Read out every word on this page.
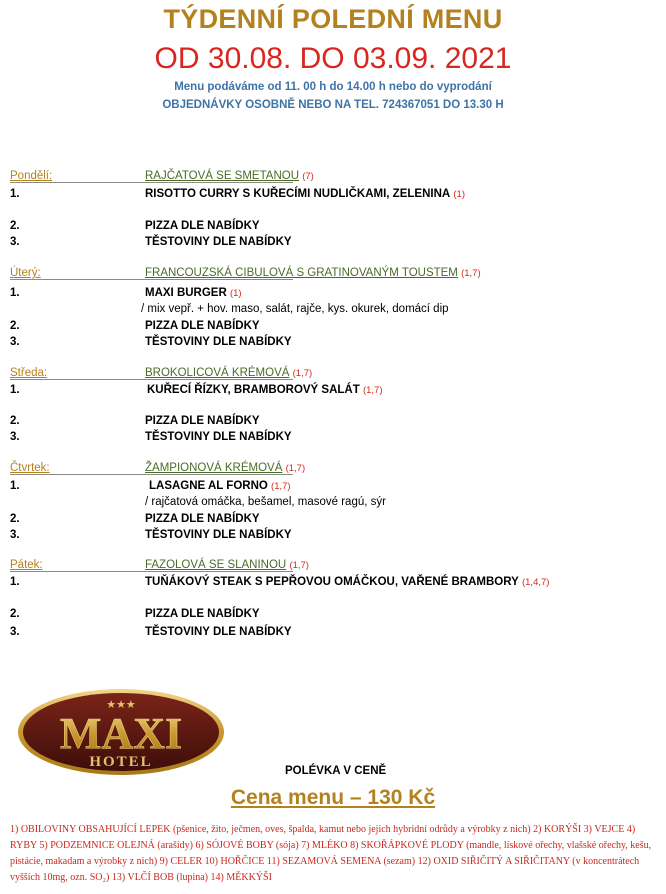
TÝDENNÍ POLEDNÍ MENU
OD 30.08. DO 03.09. 2021
Menu podáváme od 11. 00 h do 14.00 h nebo do vyprodání
OBJEDNÁVKY OSOBNĚ NEBO NA TEL. 724367051 DO 13.30 H
Pondělí:	RAJČATOVÁ SE SMETANOU (7)
1.	RISOTTO CURRY S KUŘECÍMI NUDLIČKAMI, ZELENINA (1)
2.	PIZZA DLE NABÍDKY
3.	TĚSTOVINY DLE NABÍDKY
Úterý:	FRANCOUZSKÁ CIBULOVÁ S GRATINOVANÝM TOUSTEM (1,7)
1.	MAXI BURGER (1)
/ mix vepř. + hov. maso, salát, rajče, kys. okurek, domácí dip
2.	PIZZA DLE NABÍDKY
3.	TĚSTOVINY DLE NABÍDKY
Středa:	BROKOLICOVÁ KRÉMOVÁ (1,7)
1.	KUŘECÍ ŘÍZKY, BRAMBOROVÝ SALÁT (1,7)
2.	PIZZA DLE NABÍDKY
3.	TĚSTOVINY DLE NABÍDKY
Čtvrtek:	ŽAMPIONOVÁ KRÉMOVÁ (1,7)
1.	LASAGNE AL FORNO (1,7)
/ rajčatová omáčka, bešamel, masové ragú, sýr
2.	PIZZA DLE NABÍDKY
3.	TĚSTOVINY DLE NABÍDKY
Pátek:	FAZOLOVÁ SE SLANINOU (1,7)
1.	TUŇÁKOVÝ STEAK S PEPŘOVOU OMÁČKOU, VAŘENÉ BRAMBORY (1,4,7)
2.	PIZZA DLE NABÍDKY
3.	TĚSTOVINY DLE NABÍDKY
★★★
MAXI
HOTEL
POLÉVKA V CENĚ
Cena menu – 130 Kč
1) OBILOVINY OBSAHUJÍCÍ LEPEK (pšenice, žito, ječmen, oves, špalda, kamut nebo jejich hybridní odrůdy a výrobky z nich) 2) KORÝŠI 3) VEJCE 4) RYBY 5) PODZEMNICE OLEJNÁ (arašídy) 6) SÓJOVÉ BOBY (sója) 7) MLÉKO 8) SKOŘÁPKOVÉ PLODY (mandle, lískové ořechy, vlašské ořechy, kešu, pistácie, makadam a výrobky z nich) 9) CELER 10) HOŘČICE 11) SEZAMOVÁ SEMENA (sezam) 12) OXID SIŘIČITÝ A SIŘIČITANY (v koncentrátech vyšších 10mg, ozn. SO₂) 13) VLČÍ BOB (lupina) 14) MĚKKÝŠI
